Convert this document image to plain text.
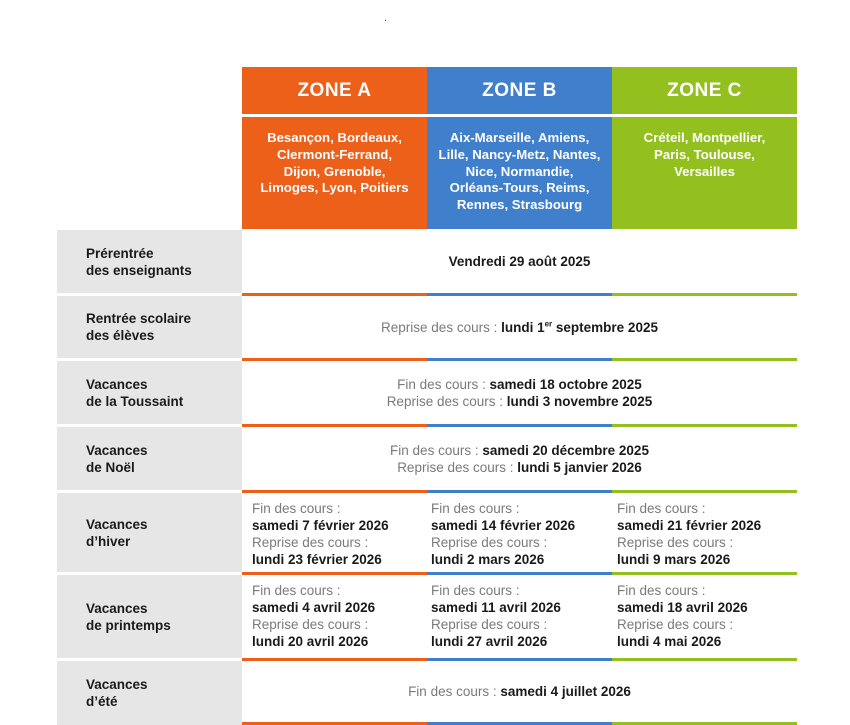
.
ZONE A	ZONE B	ZONE C
Besançon, Bordeaux,
Clermont-Ferrand,
Dijon, Grenoble,
Limoges, Lyon, Poitiers
Aix-Marseille, Amiens,
Lille, Nancy-Metz, Nantes,
Nice, Normandie,
Orléans-Tours, Reims,
Rennes, Strasbourg
Créteil, Montpellier,
Paris, Toulouse,
Versailles
Prérentrée
des enseignants
Vendredi 29 août 2025
Rentrée scolaire
des élèves
Reprise des cours : lundi 1er septembre 2025
Vacances
de la Toussaint
Fin des cours : samedi 18 octobre 2025
Reprise des cours : lundi 3 novembre 2025
Vacances
de Noël
Fin des cours : samedi 20 décembre 2025
Reprise des cours : lundi 5 janvier 2026
Vacances
d’hiver
Fin des cours :
samedi 7 février 2026
Reprise des cours :
lundi 23 février 2026
Fin des cours :
samedi 14 février 2026
Reprise des cours :
lundi 2 mars 2026
Fin des cours :
samedi 21 février 2026
Reprise des cours :
lundi 9 mars 2026
Vacances
de printemps
Fin des cours :
samedi 4 avril 2026
Reprise des cours :
lundi 20 avril 2026
Fin des cours :
samedi 11 avril 2026
Reprise des cours :
lundi 27 avril 2026
Fin des cours :
samedi 18 avril 2026
Reprise des cours :
lundi 4 mai 2026
Vacances
d’été
Fin des cours : samedi 4 juillet 2026
